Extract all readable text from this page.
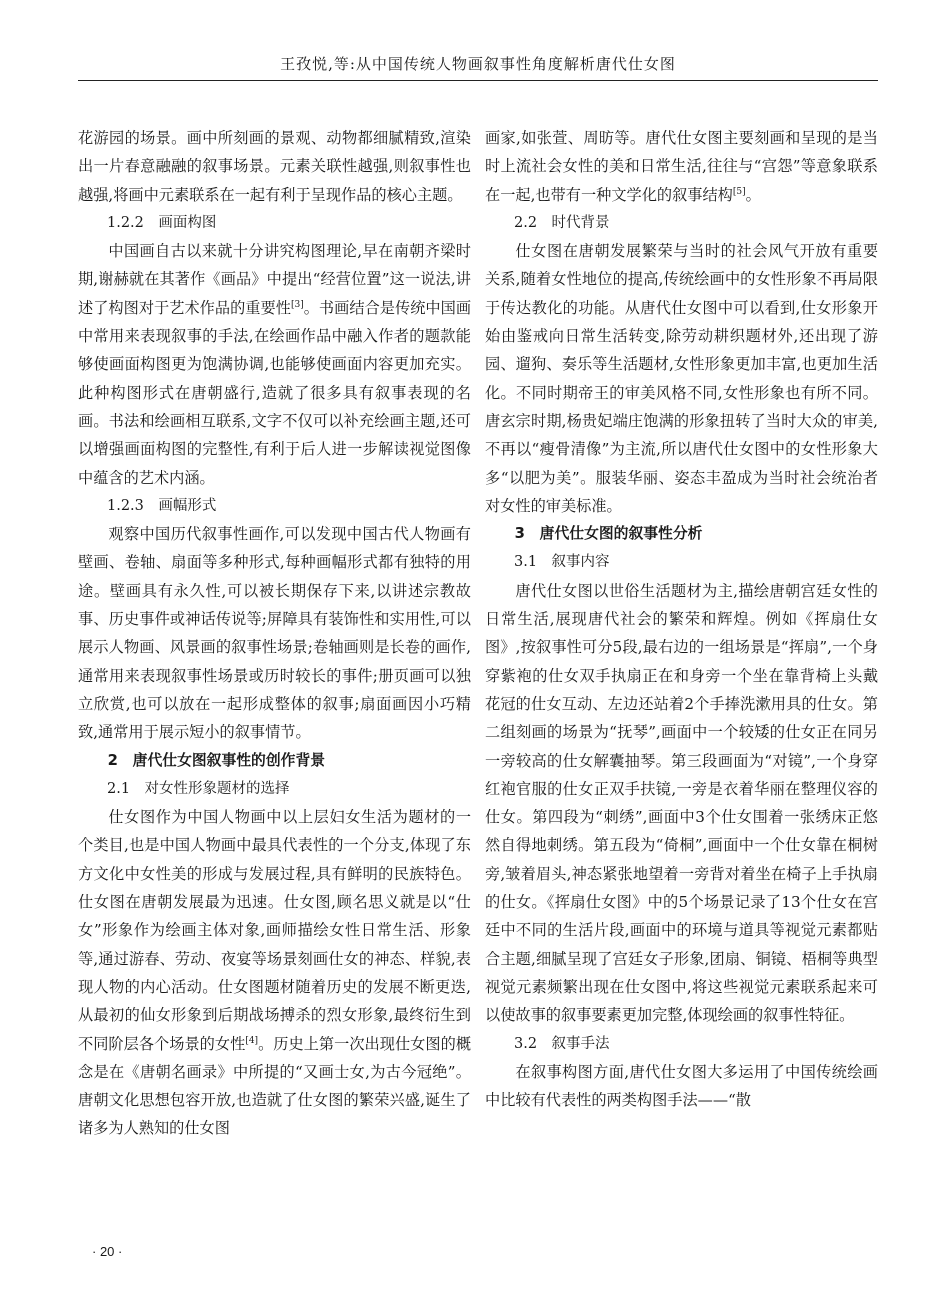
王孜悦,等:从中国传统人物画叙事性角度解析唐代仕女图

花游园的场景。画中所刻画的景观、动物都细腻精致,渲染出一片春意融融的叙事场景。元素关联性越强,则叙事性也越强,将画中元素联系在一起有利于呈现作品的核心主题。

1.2.2　画面构图

中国画自古以来就十分讲究构图理论,早在南朝齐梁时期,谢赫就在其著作《画品》中提出“经营位置”这一说法,讲述了构图对于艺术作品的重要性[3]。书画结合是传统中国画中常用来表现叙事的手法,在绘画作品中融入作者的题款能够使画面构图更为饱满协调,也能够使画面内容更加充实。此种构图形式在唐朝盛行,造就了很多具有叙事表现的名画。书法和绘画相互联系,文字不仅可以补充绘画主题,还可以增强画面构图的完整性,有利于后人进一步解读视觉图像中蕴含的艺术内涵。

1.2.3　画幅形式

观察中国历代叙事性画作,可以发现中国古代人物画有壁画、卷轴、扇面等多种形式,每种画幅形式都有独特的用途。壁画具有永久性,可以被长期保存下来,以讲述宗教故事、历史事件或神话传说等;屏障具有装饰性和实用性,可以展示人物画、风景画的叙事性场景;卷轴画则是长卷的画作,通常用来表现叙事性场景或历时较长的事件;册页画可以独立欣赏,也可以放在一起形成整体的叙事;扇面画因小巧精致,通常用于展示短小的叙事情节。

2　唐代仕女图叙事性的创作背景
2.1　对女性形象题材的选择

仕女图作为中国人物画中以上层妇女生活为题材的一个类目,也是中国人物画中最具代表性的一个分支,体现了东方文化中女性美的形成与发展过程,具有鲜明的民族特色。仕女图在唐朝发展最为迅速。仕女图,顾名思义就是以“仕女”形象作为绘画主体对象,画师描绘女性日常生活、形象等,通过游春、劳动、夜宴等场景刻画仕女的神态、样貌,表现人物的内心活动。仕女图题材随着历史的发展不断更迭,从最初的仙女形象到后期战场搏杀的烈女形象,最终衍生到不同阶层各个场景的女性[4]。历史上第一次出现仕女图的概念是在《唐朝名画录》中所提的“又画士女,为古今冠绝”。唐朝文化思想包容开放,也造就了仕女图的繁荣兴盛,诞生了诸多为人熟知的仕女图

画家,如张萱、周昉等。唐代仕女图主要刻画和呈现的是当时上流社会女性的美和日常生活,往往与“宫怨”等意象联系在一起,也带有一种文学化的叙事结构[5]。

2.2　时代背景

仕女图在唐朝发展繁荣与当时的社会风气开放有重要关系,随着女性地位的提高,传统绘画中的女性形象不再局限于传达教化的功能。从唐代仕女图中可以看到,仕女形象开始由鉴戒向日常生活转变,除劳动耕织题材外,还出现了游园、遛狗、奏乐等生活题材,女性形象更加丰富,也更加生活化。不同时期帝王的审美风格不同,女性形象也有所不同。唐玄宗时期,杨贵妃端庄饱满的形象扭转了当时大众的审美,不再以“瘦骨清像”为主流,所以唐代仕女图中的女性形象大多“以肥为美”。服装华丽、姿态丰盈成为当时社会统治者对女性的审美标准。

3　唐代仕女图的叙事性分析
3.1　叙事内容

唐代仕女图以世俗生活题材为主,描绘唐朝宫廷女性的日常生活,展现唐代社会的繁荣和辉煌。例如《挥扇仕女图》,按叙事性可分5段,最右边的一组场景是“挥扇”,一个身穿紫袍的仕女双手执扇正在和身旁一个坐在靠背椅上头戴花冠的仕女互动、左边还站着2个手捧洗漱用具的仕女。第二组刻画的场景为“抚琴”,画面中一个较矮的仕女正在同另一旁较高的仕女解囊抽琴。第三段画面为“对镜”,一个身穿红袍官服的仕女正双手扶镜,一旁是衣着华丽在整理仪容的仕女。第四段为“刺绣”,画面中3个仕女围着一张绣床正悠然自得地刺绣。第五段为“倚桐”,画面中一个仕女靠在桐树旁,皱着眉头,神态紧张地望着一旁背对着坐在椅子上手执扇的仕女。《挥扇仕女图》中的5个场景记录了13个仕女在宫廷中不同的生活片段,画面中的环境与道具等视觉元素都贴合主题,细腻呈现了宫廷女子形象,团扇、铜镜、梧桐等典型视觉元素频繁出现在仕女图中,将这些视觉元素联系起来可以使故事的叙事要素更加完整,体现绘画的叙事性特征。

3.2　叙事手法

在叙事构图方面,唐代仕女图大多运用了中国传统绘画中比较有代表性的两类构图手法——“散

· 20 ·
